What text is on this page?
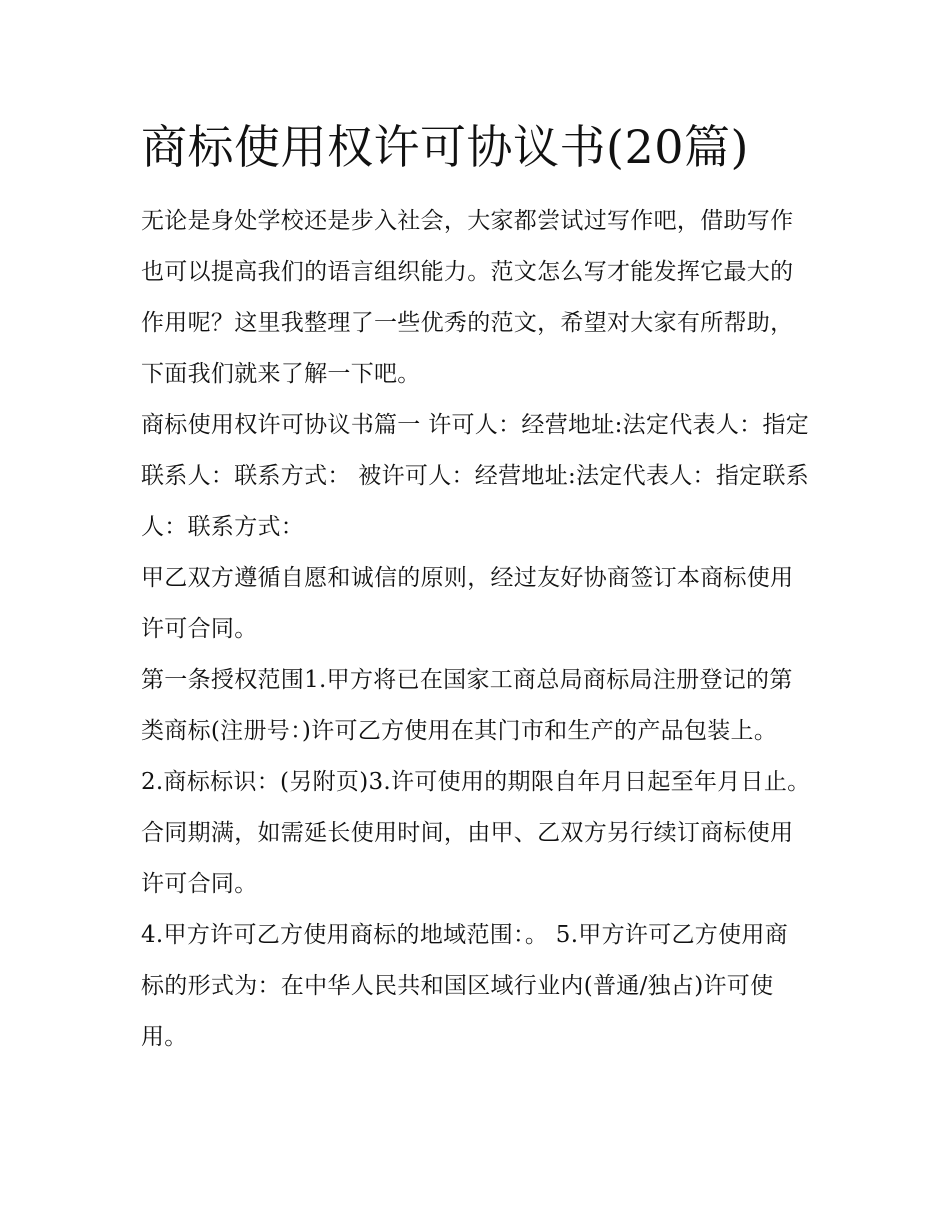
商标使用权许可协议书(20篇)

无论是身处学校还是步入社会，大家都尝试过写作吧，借助写作也可以提高我们的语言组织能力。范文怎么写才能发挥它最大的作用呢？这里我整理了一些优秀的范文，希望对大家有所帮助，下面我们就来了解一下吧。

商标使用权许可协议书篇一 许可人：经营地址:法定代表人：指定联系人：联系方式： 被许可人：经营地址:法定代表人：指定联系人：联系方式：

甲乙双方遵循自愿和诚信的原则，经过友好协商签订本商标使用许可合同。

第一条授权范围1.甲方将已在国家工商总局商标局注册登记的第类商标(注册号：)许可乙方使用在其门市和生产的产品包装上。

2.商标标识：(另附页)3.许可使用的期限自年月日起至年月日止。 合同期满，如需延长使用时间，由甲、乙双方另行续订商标使用许可合同。

4.甲方许可乙方使用商标的地域范围：。 5.甲方许可乙方使用商标的形式为：在中华人民共和国区域行业内(普通/独占)许可使用。
